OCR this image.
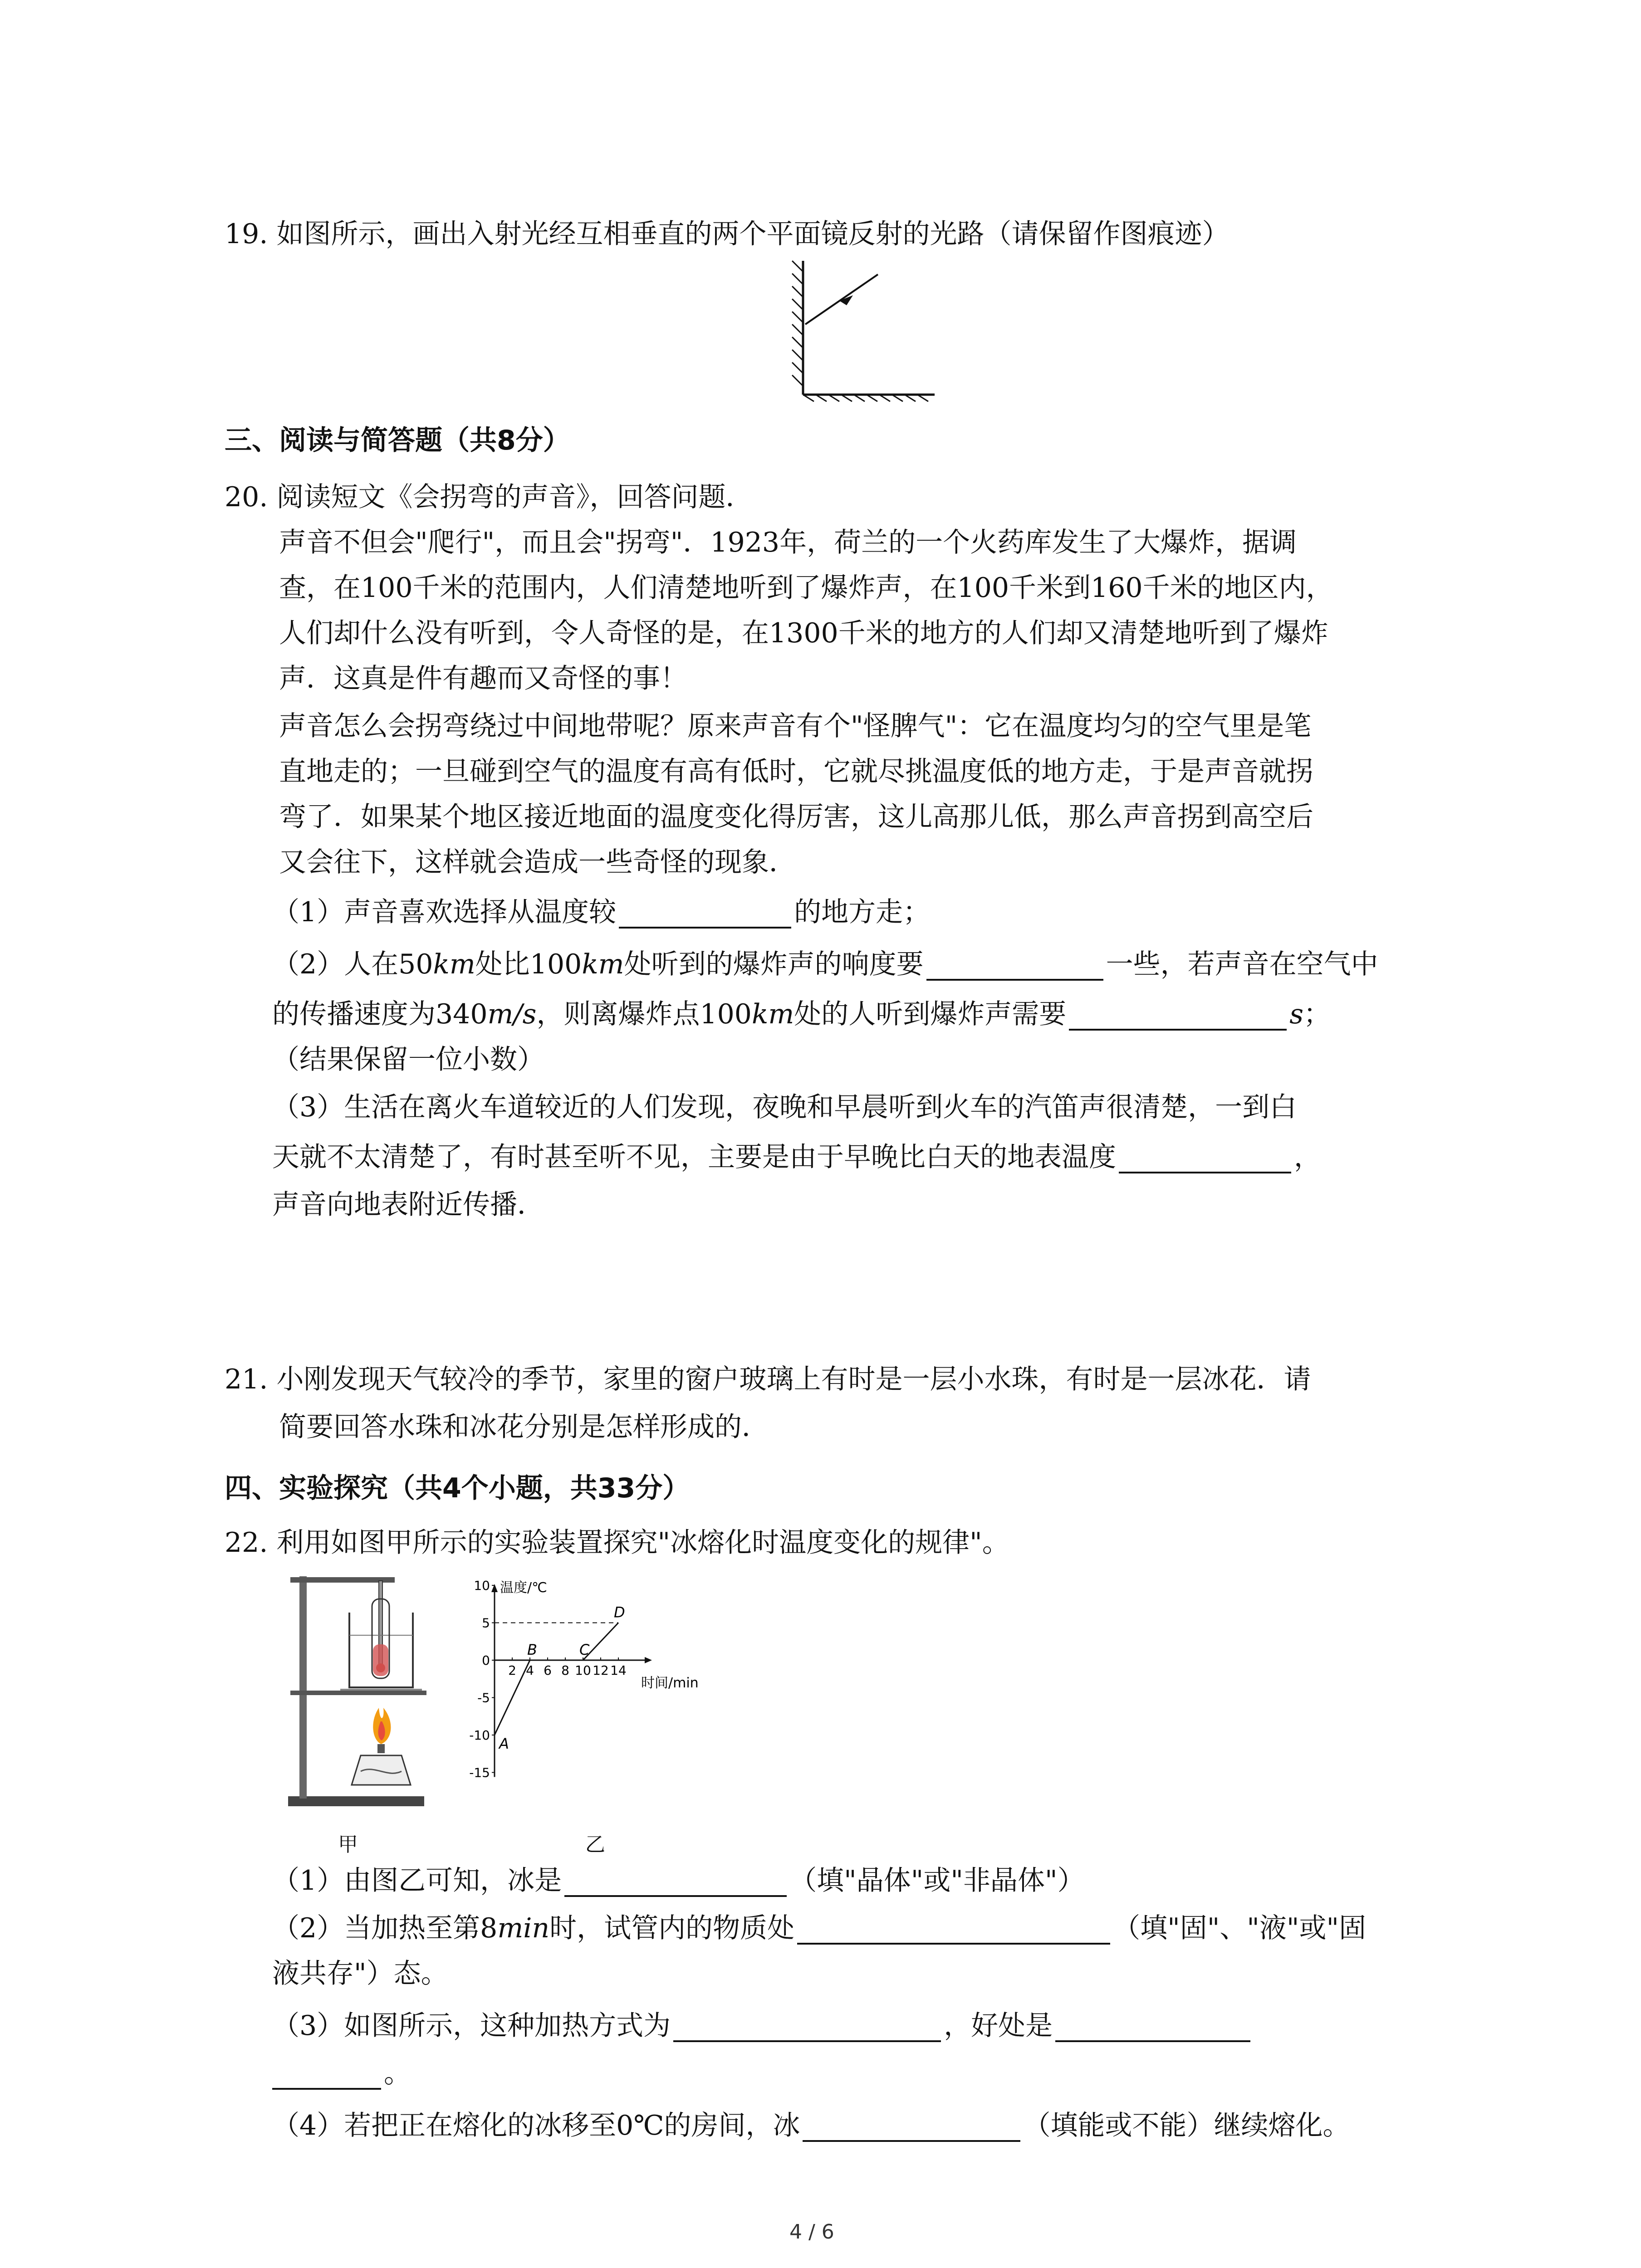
19. 如图所示，画出入射光经互相垂直的两个平面镜反射的光路（请保留作图痕迹）
三、阅读与简答题（共8分）
20. 阅读短文《会拐弯的声音》，回答问题．
声音不但会"爬行"，而且会"拐弯"．1923年，荷兰的一个火药库发生了大爆炸，据调
查，在100千米的范围内，人们清楚地听到了爆炸声，在100千米到160千米的地区内，
人们却什么没有听到，令人奇怪的是，在1300千米的地方的人们却又清楚地听到了爆炸
声．这真是件有趣而又奇怪的事！
声音怎么会拐弯绕过中间地带呢？原来声音有个"怪脾气"：它在温度均匀的空气里是笔
直地走的；一旦碰到空气的温度有高有低时，它就尽挑温度低的地方走，于是声音就拐
弯了．如果某个地区接近地面的温度变化得厉害，这儿高那儿低，那么声音拐到高空后
又会往下，这样就会造成一些奇怪的现象．
（1）声音喜欢选择从温度较	的地方走；
（2）人在50km处比100km处听到的爆炸声的响度要	一些，若声音在空气中
的传播速度为340m/s，则离爆炸点100km处的人听到爆炸声需要	s；
（结果保留一位小数）
（3）生活在离火车道较近的人们发现，夜晚和早晨听到火车的汽笛声很清楚，一到白
天就不太清楚了，有时甚至听不见，主要是由于早晚比白天的地表温度	，
声音向地表附近传播．
21. 小刚发现天气较冷的季节，家里的窗户玻璃上有时是一层小水珠，有时是一层冰花．请
简要回答水珠和冰花分别是怎样形成的．
四、实验探究（共4个小题，共33分）
22. 利用如图甲所示的实验装置探究"冰熔化时温度变化的规律"。
温度/℃
时间/min
10
5
0
-5
-10
-15
2 4 6 8 10 12 14
A
B	C
D
甲	乙
（1）由图乙可知，冰是	（填"晶体"或"非晶体"）
（2）当加热至第8min时，试管内的物质处	（填"固"、"液"或"固
液共存"）态。
（3）如图所示，这种加热方式为	，好处是
。
（4）若把正在熔化的冰移至0℃的房间，冰	（填能或不能）继续熔化。
4 / 6
